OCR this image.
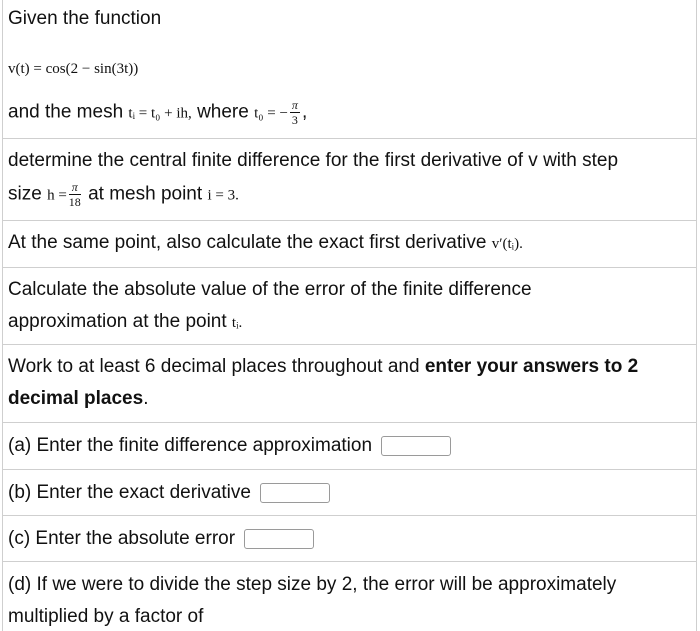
Given the function
v(t) = cos(2 − sin(3t))
and the mesh tᵢ = t₀ + ih, where t₀ = − $\frac{\pi}{3}$ ,
determine the central finite difference for the first derivative of v with step
size $h = \frac{\pi}{18}$ at mesh point i = 3.
At the same point, also calculate the exact first derivative v′(tᵢ).
Calculate the absolute value of the error of the finite difference
approximation at the point tᵢ.
Work to at least 6 decimal places throughout and enter your answers to 2
decimal places.
(a) Enter the finite difference approximation
(b) Enter the exact derivative
(c) Enter the absolute error
(d) If we were to divide the step size by 2, the error will be approximately
multiplied by a factor of
